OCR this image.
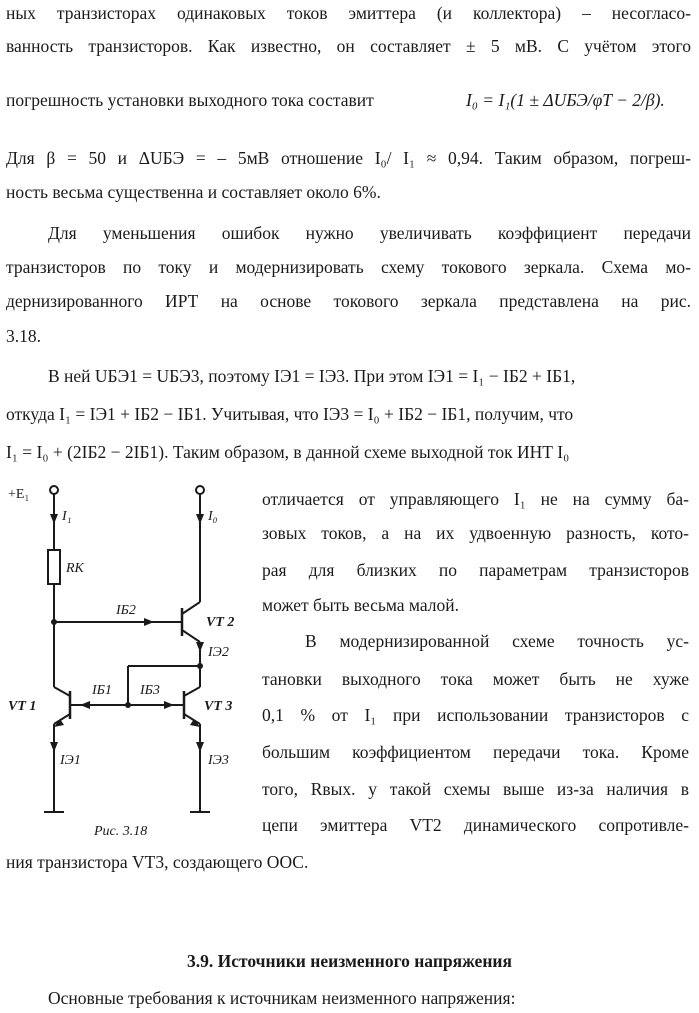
ных транзисторах одинаковых токов эмиттера (и коллектора) – несогласо-
ванность транзисторов. Как известно, он составляет ± 5 мВ. С учётом этого
погрешность установки выходного тока составит	I₀ = I₁(1 ± ΔUБЭ/φT − 2/β).
Для β = 50 и ΔUБЭ = – 5мВ отношение I₀/ I₁ ≈ 0,94. Таким образом, погреш-
ность весьма существенна и составляет около 6%.
Для уменьшения ошибок нужно увеличивать коэффициент передачи
транзисторов по току и модернизировать схему токового зеркала. Схема мо-
дернизированного ИРТ на основе токового зеркала представлена на рис.
3.18.
В ней UБЭ1 = UБЭ3, поэтому IЭ1 = IЭ3. При этом IЭ1 = I₁ − IБ2 + IБ1,
откуда I₁ = IЭ1 + IБ2 − IБ1. Учитывая, что IЭ3 = I₀ + IБ2 − IБ1, получим, что
I₁ = I₀ + (2IБ2 − 2IБ1). Таким образом, в данной схеме выходной ток ИНТ I₀
отличается от управляющего I₁ не на сумму ба-
зовых токов, а на их удвоенную разность, кото-
рая для близких по параметрам транзисторов
может быть весьма малой.
В модернизированной схеме точность ус-
тановки выходного тока может быть не хуже
0,1 % от I₁ при использовании транзисторов с
большим коэффициентом передачи тока. Кроме
того, Rвых. у такой схемы выше из-за наличия в
цепи эмиттера VT2 динамического сопротивле-
ния транзистора VT3, создающего ООС.
+E₁
I₁	I₀
RК
IБ2
VT 2
IЭ2
IБ1 IБ3
VT 1	VT 3
IЭ1	IЭ3
Рис. 3.18
3.9. Источники неизменного напряжения
Основные требования к источникам неизменного напряжения:
